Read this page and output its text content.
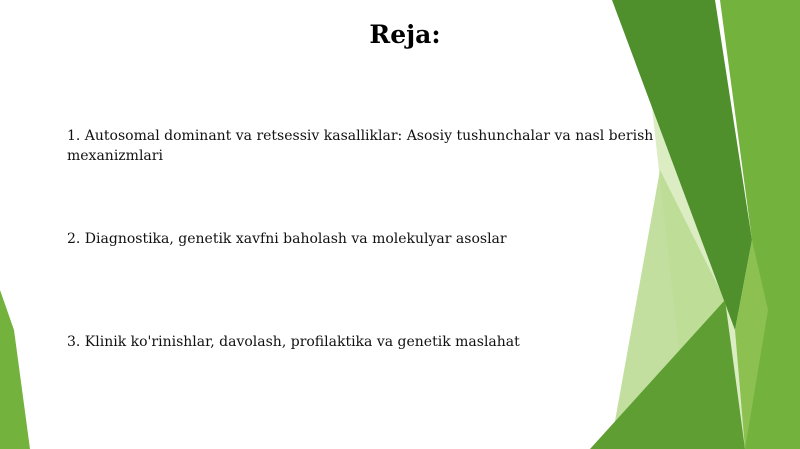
Reja:
1. Autosomal dominant va retsessiv kasalliklar: Asosiy tushunchalar va nasl berish mexanizmlari
2. Diagnostika, genetik xavfni baholash va molekulyar asoslar
3. Klinik ko'rinishlar, davolash, profilaktika va genetik maslahat
